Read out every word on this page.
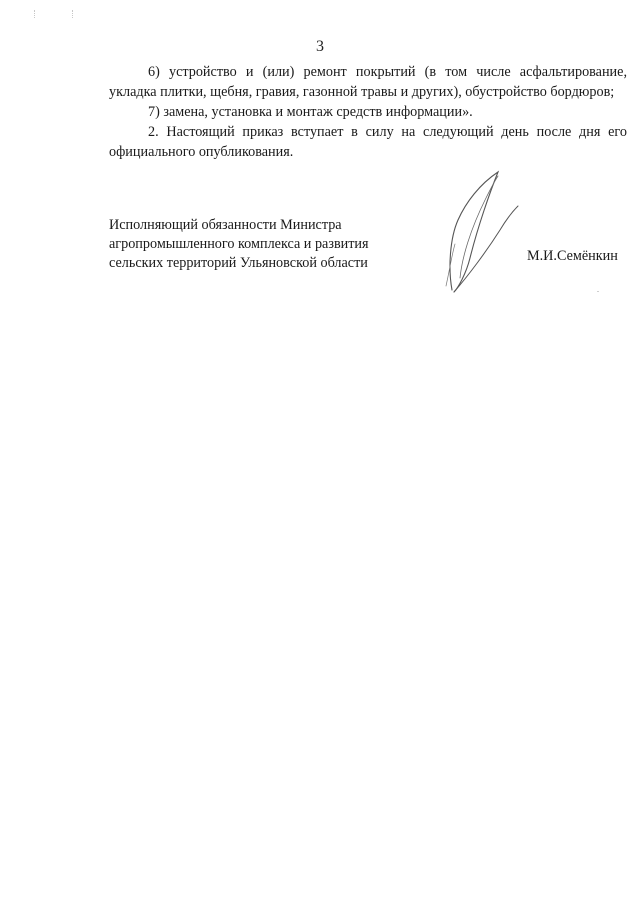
3

6) устройство и (или) ремонт покрытий (в том числе асфальтирование, укладка плитки, щебня, гравия, газонной травы и других), обустройство бордюров;

7) замена, установка и монтаж средств информации».

2. Настоящий приказ вступает в силу на следующий день после дня его официального опубликования.

Исполняющий обязанности Министра
агропромышленного комплекса и развития
сельских территорий Ульяновской области	М.И.Семёнкин
